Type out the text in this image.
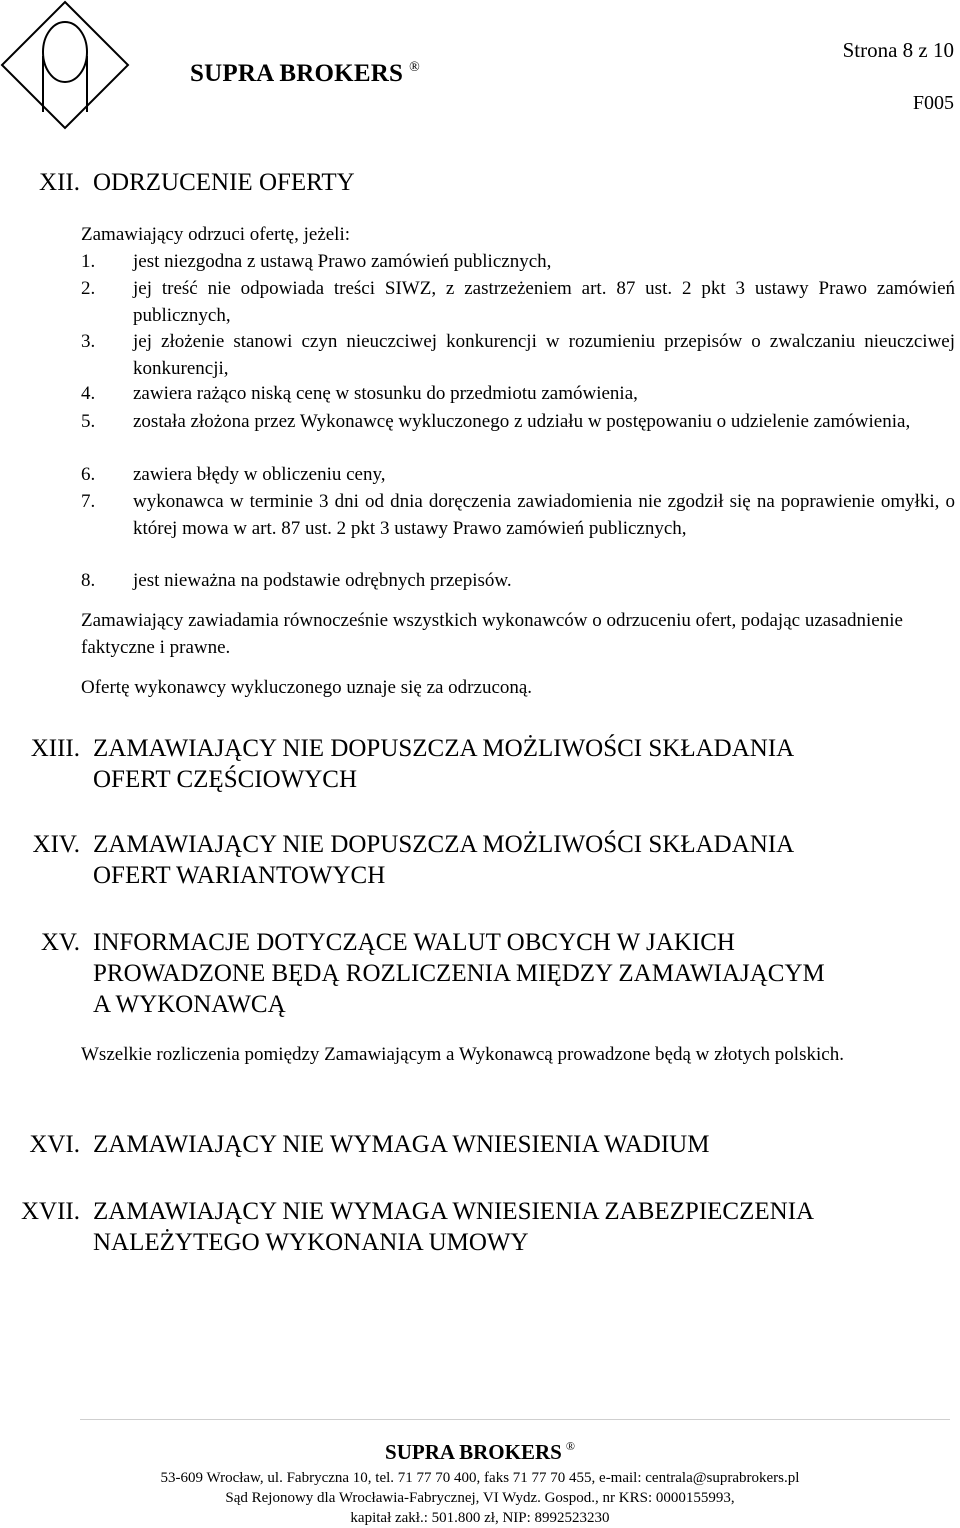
SUPRA BROKERS ®
Strona 8 z 10
F005
XII. ODRZUCENIE OFERTY
Zamawiający odrzuci ofertę, jeżeli:
1. jest niezgodna z ustawą Prawo zamówień publicznych,
2. jej treść nie odpowiada treści SIWZ, z zastrzeżeniem art. 87 ust. 2 pkt 3 ustawy Prawo zamówień publicznych,
3. jej złożenie stanowi czyn nieuczciwej konkurencji w rozumieniu przepisów o zwalczaniu nieuczciwej konkurencji,
4. zawiera rażąco niską cenę w stosunku do przedmiotu zamówienia,
5. została złożona przez Wykonawcę wykluczonego z udziału w postępowaniu o udzielenie zamówienia,
6. zawiera błędy w obliczeniu ceny,
7. wykonawca w terminie 3 dni od dnia doręczenia zawiadomienia nie zgodził się na poprawienie omyłki, o której mowa w art. 87 ust. 2 pkt 3 ustawy Prawo zamówień publicznych,
8. jest nieważna na podstawie odrębnych przepisów.
Zamawiający zawiadamia równocześnie wszystkich wykonawców o odrzuceniu ofert, podając uzasadnienie faktyczne i prawne.
Ofertę wykonawcy wykluczonego uznaje się za odrzuconą.
XIII. ZAMAWIAJĄCY NIE DOPUSZCZA MOŻLIWOŚCI SKŁADANIA
OFERT CZĘŚCIOWYCH
XIV. ZAMAWIAJĄCY NIE DOPUSZCZA MOŻLIWOŚCI SKŁADANIA
OFERT WARIANTOWYCH
XV. INFORMACJE DOTYCZĄCE WALUT OBCYCH W JAKICH
PROWADZONE BĘDĄ ROZLICZENIA MIĘDZY ZAMAWIAJĄCYM
A WYKONAWCĄ
Wszelkie rozliczenia pomiędzy Zamawiającym a Wykonawcą prowadzone będą w złotych polskich.
XVI. ZAMAWIAJĄCY NIE WYMAGA WNIESIENIA WADIUM
XVII. ZAMAWIAJĄCY NIE WYMAGA WNIESIENIA ZABEZPIECZENIA
NALEŻYTEGO WYKONANIA UMOWY
SUPRA BROKERS ®
53-609 Wrocław, ul. Fabryczna 10, tel. 71 77 70 400, faks 71 77 70 455, e-mail: centrala@suprabrokers.pl
Sąd Rejonowy dla Wrocławia-Fabrycznej, VI Wydz. Gospod., nr KRS: 0000155993,
kapitał zakł.: 501.800 zł, NIP: 8992523230
